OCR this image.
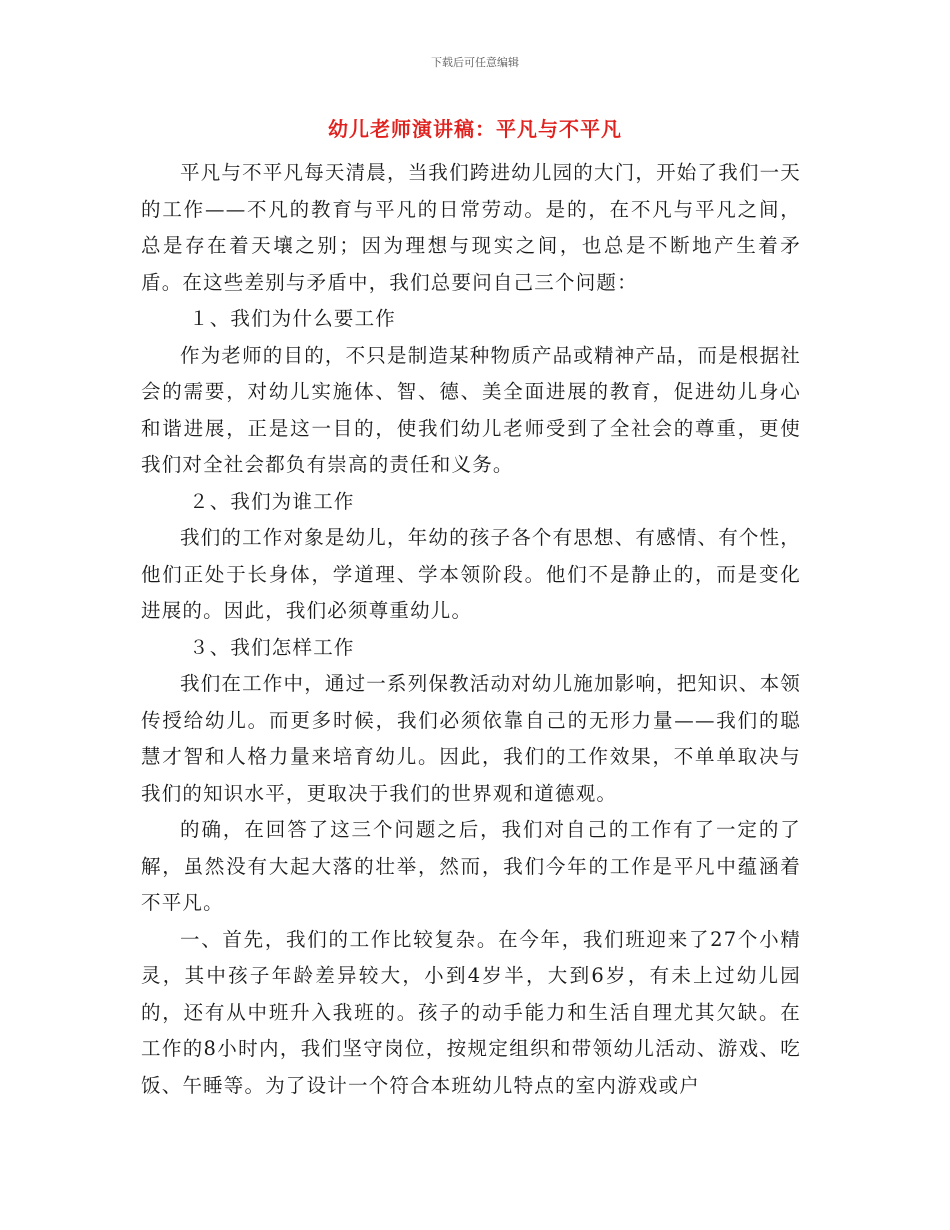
下载后可任意编辑
幼儿老师演讲稿：平凡与不平凡

平凡与不平凡每天清晨，当我们跨进幼儿园的大门，开始了我们一天的工作——不凡的教育与平凡的日常劳动。是的，在不凡与平凡之间，总是存在着天壤之别；因为理想与现实之间，也总是不断地产生着矛盾。在这些差别与矛盾中，我们总要问自己三个问题：

１、我们为什么要工作

作为老师的目的，不只是制造某种物质产品或精神产品，而是根据社会的需要，对幼儿实施体、智、德、美全面进展的教育，促进幼儿身心和谐进展，正是这一目的，使我们幼儿老师受到了全社会的尊重，更使我们对全社会都负有崇高的责任和义务。

２、我们为谁工作

我们的工作对象是幼儿，年幼的孩子各个有思想、有感情、有个性，他们正处于长身体，学道理、学本领阶段。他们不是静止的，而是变化进展的。因此，我们必须尊重幼儿。

３、我们怎样工作

我们在工作中，通过一系列保教活动对幼儿施加影响，把知识、本领传授给幼儿。而更多时候，我们必须依靠自己的无形力量——我们的聪慧才智和人格力量来培育幼儿。因此，我们的工作效果，不单单取决与我们的知识水平，更取决于我们的世界观和道德观。

的确，在回答了这三个问题之后，我们对自己的工作有了一定的了解，虽然没有大起大落的壮举，然而，我们今年的工作是平凡中蕴涵着不平凡。

一、首先，我们的工作比较复杂。在今年，我们班迎来了27个小精灵，其中孩子年龄差异较大，小到4岁半，大到6岁，有未上过幼儿园的，还有从中班升入我班的。孩子的动手能力和生活自理尤其欠缺。在工作的8小时内，我们坚守岗位，按规定组织和带领幼儿活动、游戏、吃饭、午睡等。为了设计一个符合本班幼儿特点的室内游戏或户
